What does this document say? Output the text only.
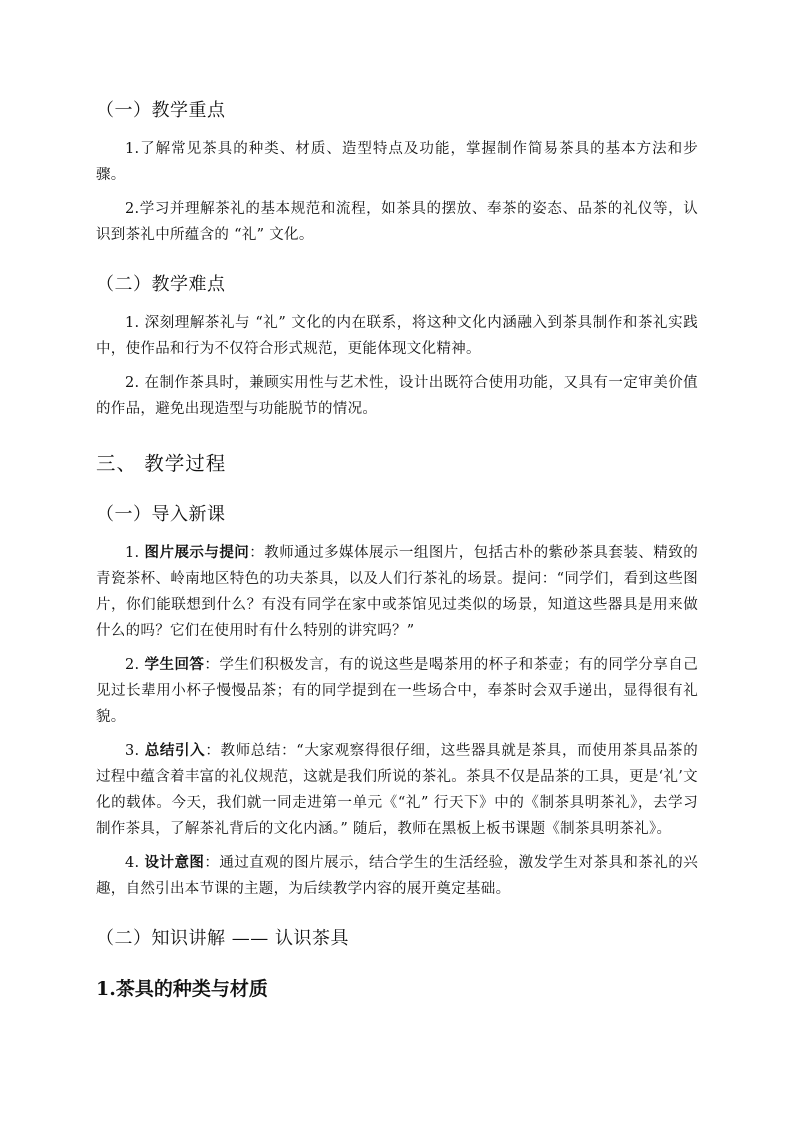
（一）教学重点

1.了解常见茶具的种类、材质、造型特点及功能，掌握制作简易茶具的基本方法和步骤。

2.学习并理解茶礼的基本规范和流程，如茶具的摆放、奉茶的姿态、品茶的礼仪等，认识到茶礼中所蕴含的 “礼” 文化。

（二）教学难点

1. 深刻理解茶礼与 “礼” 文化的内在联系，将这种文化内涵融入到茶具制作和茶礼实践中，使作品和行为不仅符合形式规范，更能体现文化精神。

2. 在制作茶具时，兼顾实用性与艺术性，设计出既符合使用功能，又具有一定审美价值的作品，避免出现造型与功能脱节的情况。

三、 教学过程

（一）导入新课

1. 图片展示与提问：教师通过多媒体展示一组图片，包括古朴的紫砂茶具套装、精致的青瓷茶杯、岭南地区特色的功夫茶具，以及人们行茶礼的场景。提问：“同学们，看到这些图片，你们能联想到什么？有没有同学在家中或茶馆见过类似的场景，知道这些器具是用来做什么的吗？它们在使用时有什么特别的讲究吗？”

2. 学生回答：学生们积极发言，有的说这些是喝茶用的杯子和茶壶；有的同学分享自己见过长辈用小杯子慢慢品茶；有的同学提到在一些场合中，奉茶时会双手递出，显得很有礼貌。

3. 总结引入：教师总结：“大家观察得很仔细，这些器具就是茶具，而使用茶具品茶的过程中蕴含着丰富的礼仪规范，这就是我们所说的茶礼。茶具不仅是品茶的工具，更是‘礼’文化的载体。今天，我们就一同走进第一单元《“礼” 行天下》中的《制茶具明茶礼》，去学习制作茶具，了解茶礼背后的文化内涵。” 随后，教师在黑板上板书课题《制茶具明茶礼》。

4. 设计意图：通过直观的图片展示，结合学生的生活经验，激发学生对茶具和茶礼的兴趣，自然引出本节课的主题，为后续教学内容的展开奠定基础。

（二）知识讲解 —— 认识茶具

1.茶具的种类与材质
